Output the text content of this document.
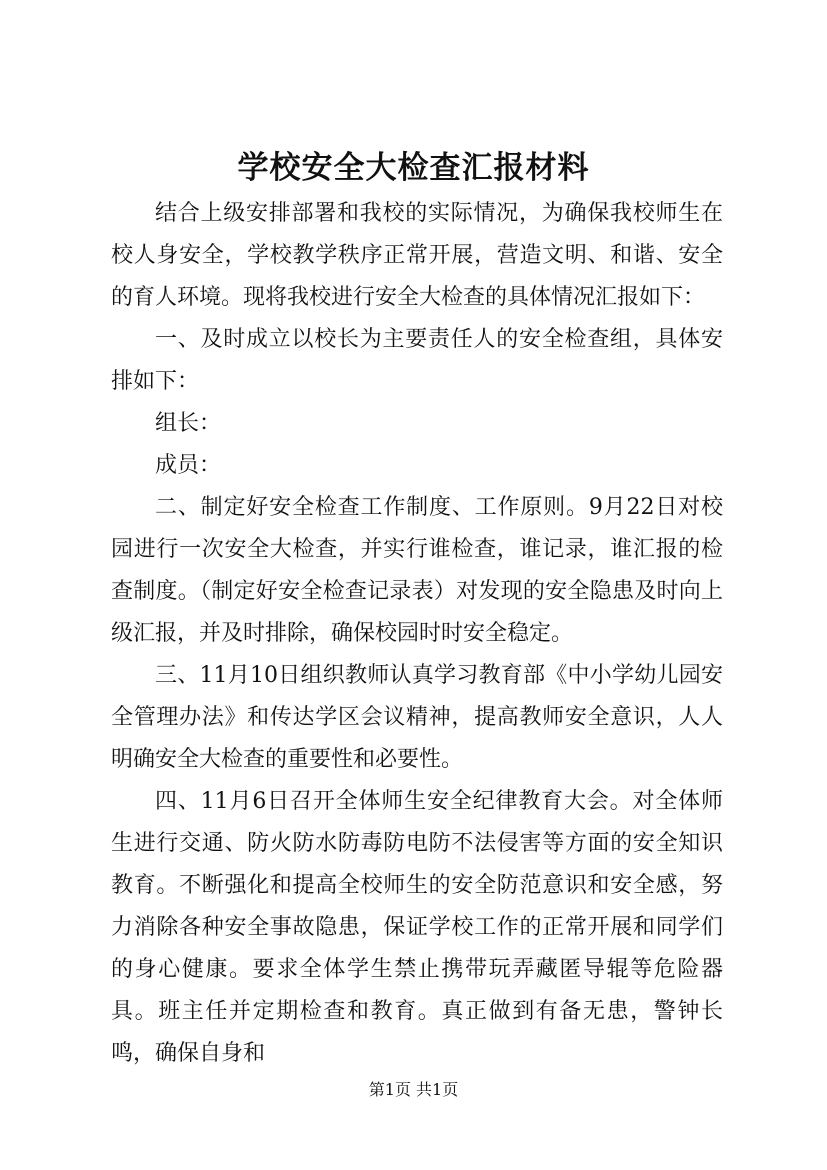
学校安全大检查汇报材料

结合上级安排部署和我校的实际情况，为确保我校师生在校人身安全，学校教学秩序正常开展，营造文明、和谐、安全的育人环境。现将我校进行安全大检查的具体情况汇报如下：

一、及时成立以校长为主要责任人的安全检查组，具体安排如下：

组长：

成员：

二、制定好安全检查工作制度、工作原则。9月22日对校园进行一次安全大检查，并实行谁检查，谁记录，谁汇报的检查制度。（制定好安全检查记录表）对发现的安全隐患及时向上级汇报，并及时排除，确保校园时时安全稳定。

三、11月10日组织教师认真学习教育部《中小学幼儿园安全管理办法》和传达学区会议精神，提高教师安全意识，人人明确安全大检查的重要性和必要性。

四、11月6日召开全体师生安全纪律教育大会。对全体师生进行交通、防火防水防毒防电防不法侵害等方面的安全知识教育。不断强化和提高全校师生的安全防范意识和安全感，努力消除各种安全事故隐患，保证学校工作的正常开展和同学们的身心健康。要求全体学生禁止携带玩弄藏匿导辊等危险器具。班主任并定期检查和教育。真正做到有备无患，警钟长鸣，确保自身和

第1页 共1页
